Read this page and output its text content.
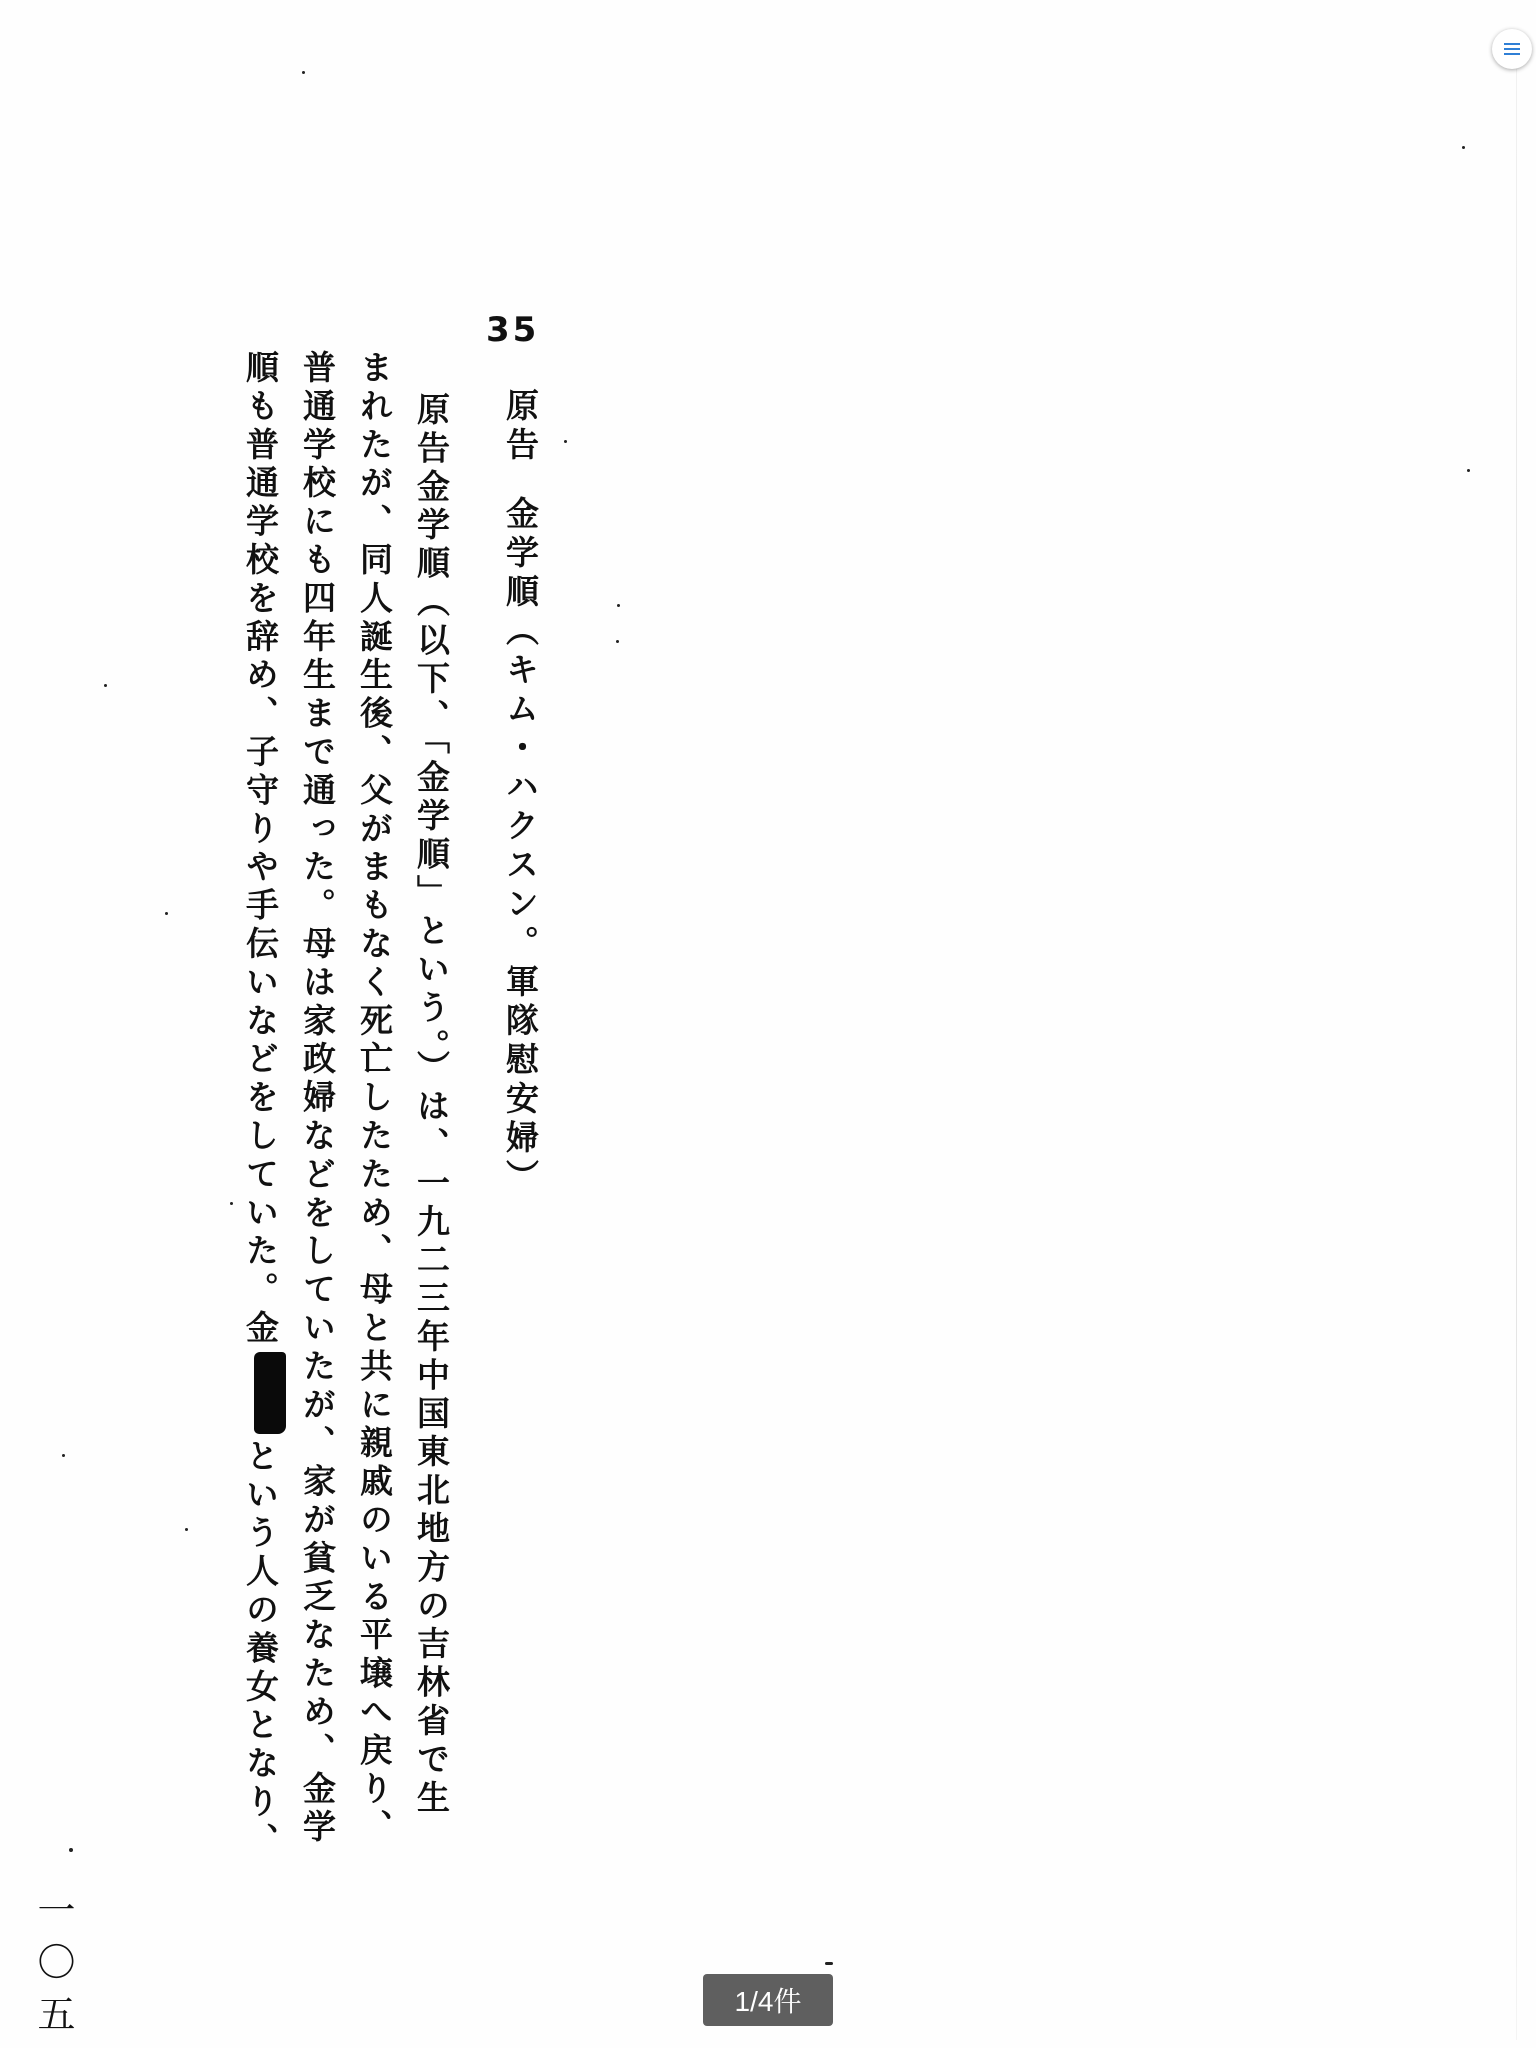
35
原告金学順（キム・ハクスン。軍隊慰安婦）
原告金学順（以下、「金学順」という。）は、一九二三年中国東北地方の吉林省で生
まれたが、同人誕生後、父がまもなく死亡したため、母と共に親戚のいる平壌へ戻り、
普通学校にも四年生まで通った。母は家政婦などをしていたが、家が貧乏なため、金学
順も普通学校を辞め、子守りや手伝いなどをしていた。金という人の養女となり、
一〇五	1/4件
